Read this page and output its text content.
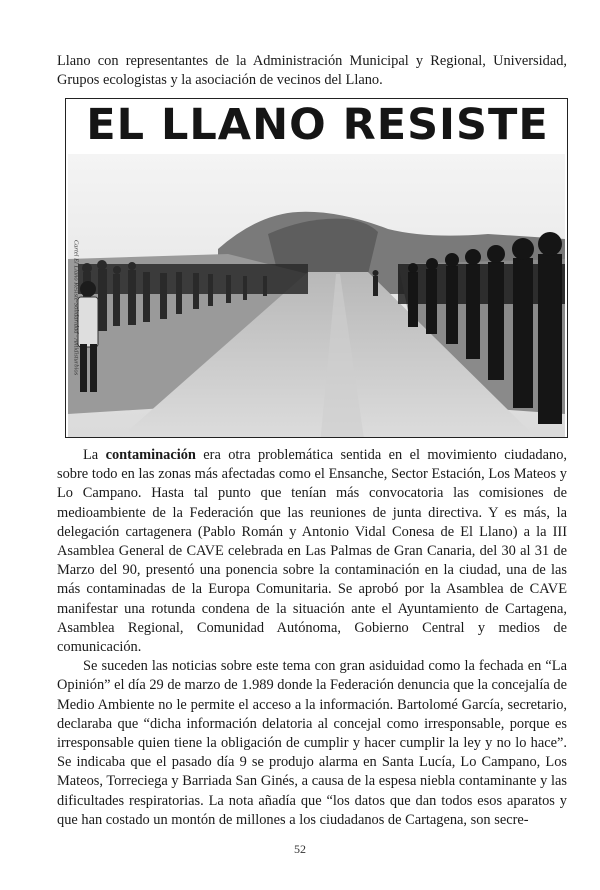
Llano con representantes de la Administración Municipal y Regional, Universidad, Grupos ecologistas y la asociación de vecinos del Llano.

EL LLANO RESISTE
Cartel El Llano Resiste-Solidaridad · Antidisturbios

La contaminación era otra problemática sentida en el movimiento ciudadano, sobre todo en las zonas más afectadas como el Ensanche, Sector Estación, Los Mateos y Lo Campano. Hasta tal punto que tenían más convocatoria las comisiones de medioambiente de la Federación que las reuniones de junta directiva. Y es más, la delegación cartagenera (Pablo Román y Antonio Vidal Conesa de El Llano) a la III Asamblea General de CAVE celebrada en Las Palmas de Gran Canaria, del 30 al 31 de Marzo del 90, presentó una ponencia sobre la contaminación en la ciudad, una de las más contaminadas de la Europa Comunitaria. Se aprobó por la Asamblea de CAVE manifestar una rotunda condena de la situación ante el Ayuntamiento de Cartagena, Asamblea Regional, Comunidad Autónoma, Gobierno Central y medios de comunicación.

Se suceden las noticias sobre este tema con gran asiduidad como la fechada en “La Opinión” el día 29 de marzo de 1.989 donde la Federación denuncia que la concejalía de Medio Ambiente no le permite el acceso a la información. Bartolomé García, secretario, declaraba que “dicha información delatoria al concejal como irresponsable, porque es irresponsable quien tiene la obligación de cumplir y hacer cumplir la ley y no lo hace”. Se indicaba que el pasado día 9 se produjo alarma en Santa Lucía, Lo Campano, Los Mateos, Torreciega y Barriada San Ginés, a causa de la espesa niebla contaminante y las dificultades respiratorias. La nota añadía que “los datos que dan todos esos aparatos y que han costado un montón de millones a los ciudadanos de Cartagena, son secre-

52
